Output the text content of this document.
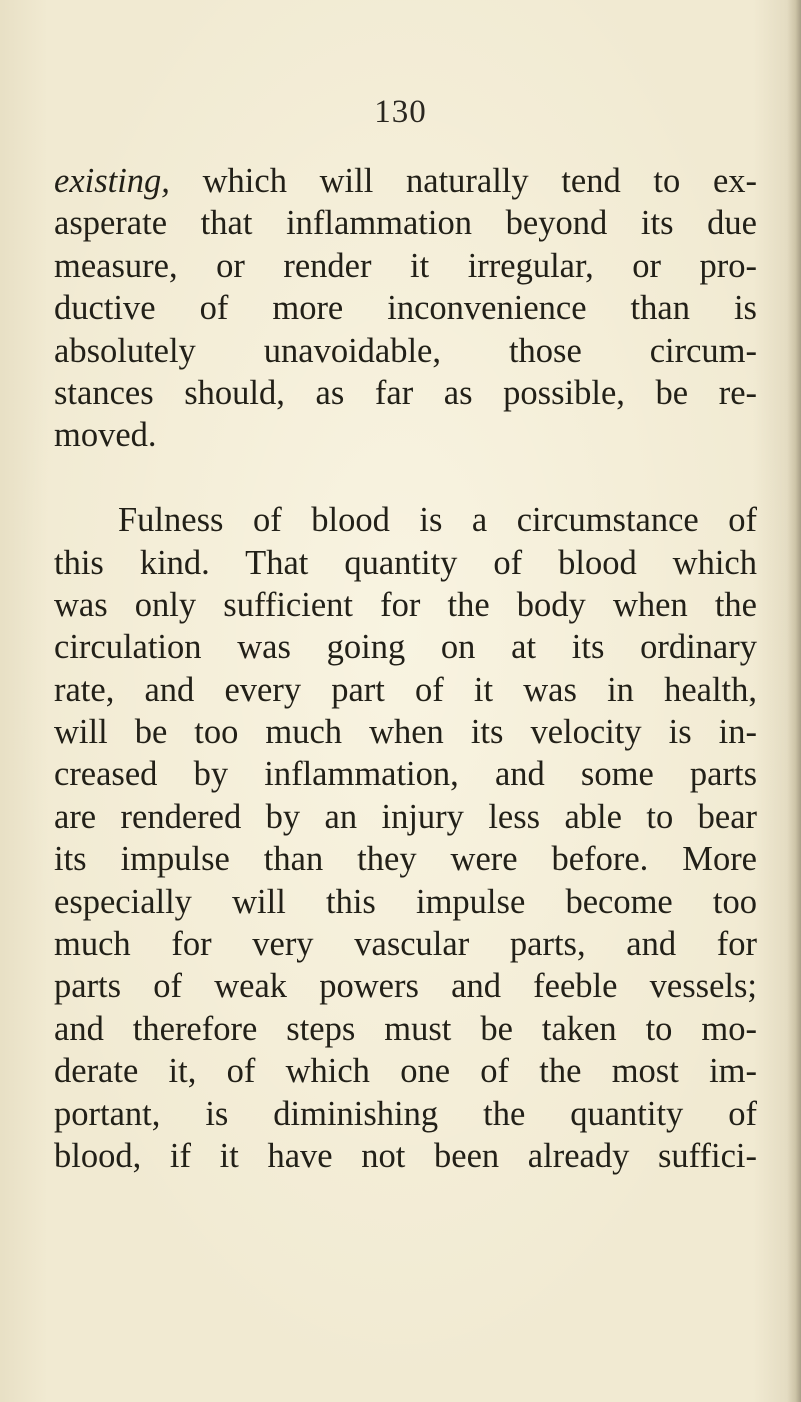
130
existing, which will naturally tend to ex-
asperate that inflammation beyond its due
measure, or render it irregular, or pro-
ductive of more inconvenience than is
absolutely unavoidable, those circum-
stances should, as far as possible, be re-
moved.
Fulness of blood is a circumstance of
this kind. That quantity of blood which
was only sufficient for the body when the
circulation was going on at its ordinary
rate, and every part of it was in health,
will be too much when its velocity is in-
creased by inflammation, and some parts
are rendered by an injury less able to bear
its impulse than they were before. More
especially will this impulse become too
much for very vascular parts, and for
parts of weak powers and feeble vessels;
and therefore steps must be taken to mo-
derate it, of which one of the most im-
portant, is diminishing the quantity of
blood, if it have not been already suffici-
